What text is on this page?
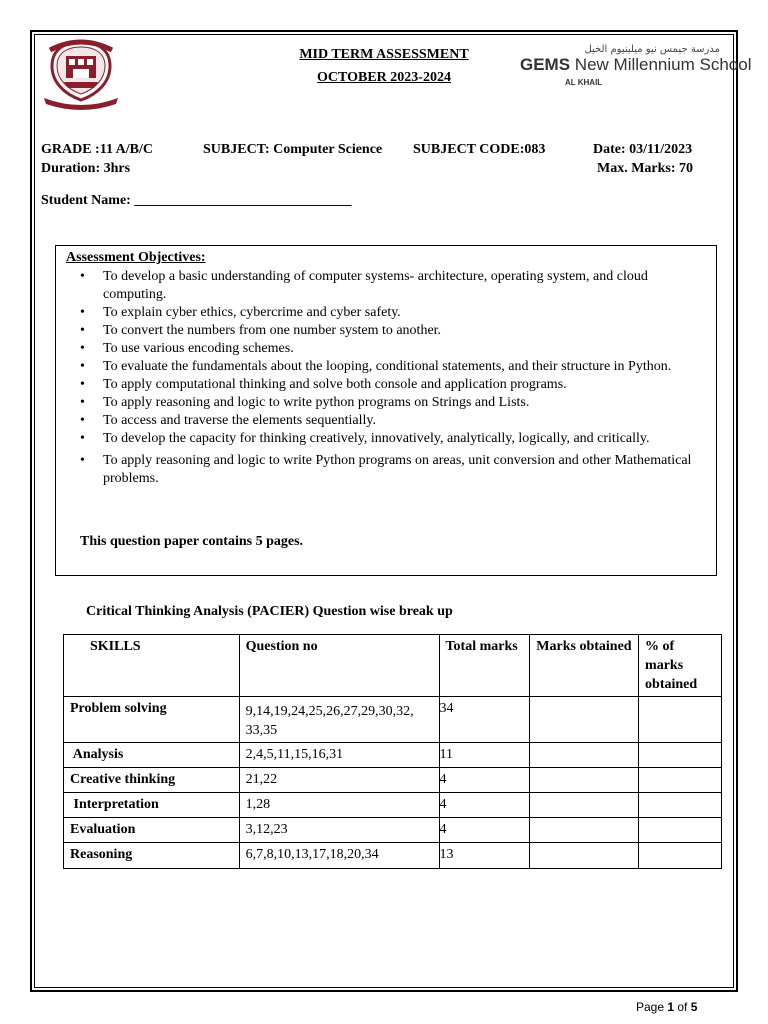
MID TERM ASSESSMENT
OCTOBER 2023-2024
مدرسة جيمس نيو ميلينيوم الخيل
GEMS New Millennium School
AL KHAIL
GRADE :11 A/B/C	SUBJECT: Computer Science SUBJECT CODE:083	Date: 03/11/2023
Duration: 3hrs	Max. Marks: 70
Student Name: _______________________________
Assessment Objectives:
• To develop a basic understanding of computer systems- architecture, operating system, and cloud computing.
• To explain cyber ethics, cybercrime and cyber safety.
• To convert the numbers from one number system to another.
• To use various encoding schemes.
• To evaluate the fundamentals about the looping, conditional statements, and their structure in Python.
• To apply computational thinking and solve both console and application programs.
• To apply reasoning and logic to write python programs on Strings and Lists.
• To access and traverse the elements sequentially.
• To develop the capacity for thinking creatively, innovatively, analytically, logically, and critically.
• To apply reasoning and logic to write Python programs on areas, unit conversion and other Mathematical problems.
This question paper contains 5 pages.
Critical Thinking Analysis (PACIER) Question wise break up
SKILLS	Question no	Total marks	Marks obtained	% of marks obtained
Problem solving	9,14,19,24,25,26,27,29,30,32, 33,35	34		
Analysis	2,4,5,11,15,16,31	11		
Creative thinking	21,22	4		
Interpretation	1,28	4		
Evaluation	3,12,23	4		
Reasoning	6,7,8,10,13,17,18,20,34	13		
Page 1 of 5
